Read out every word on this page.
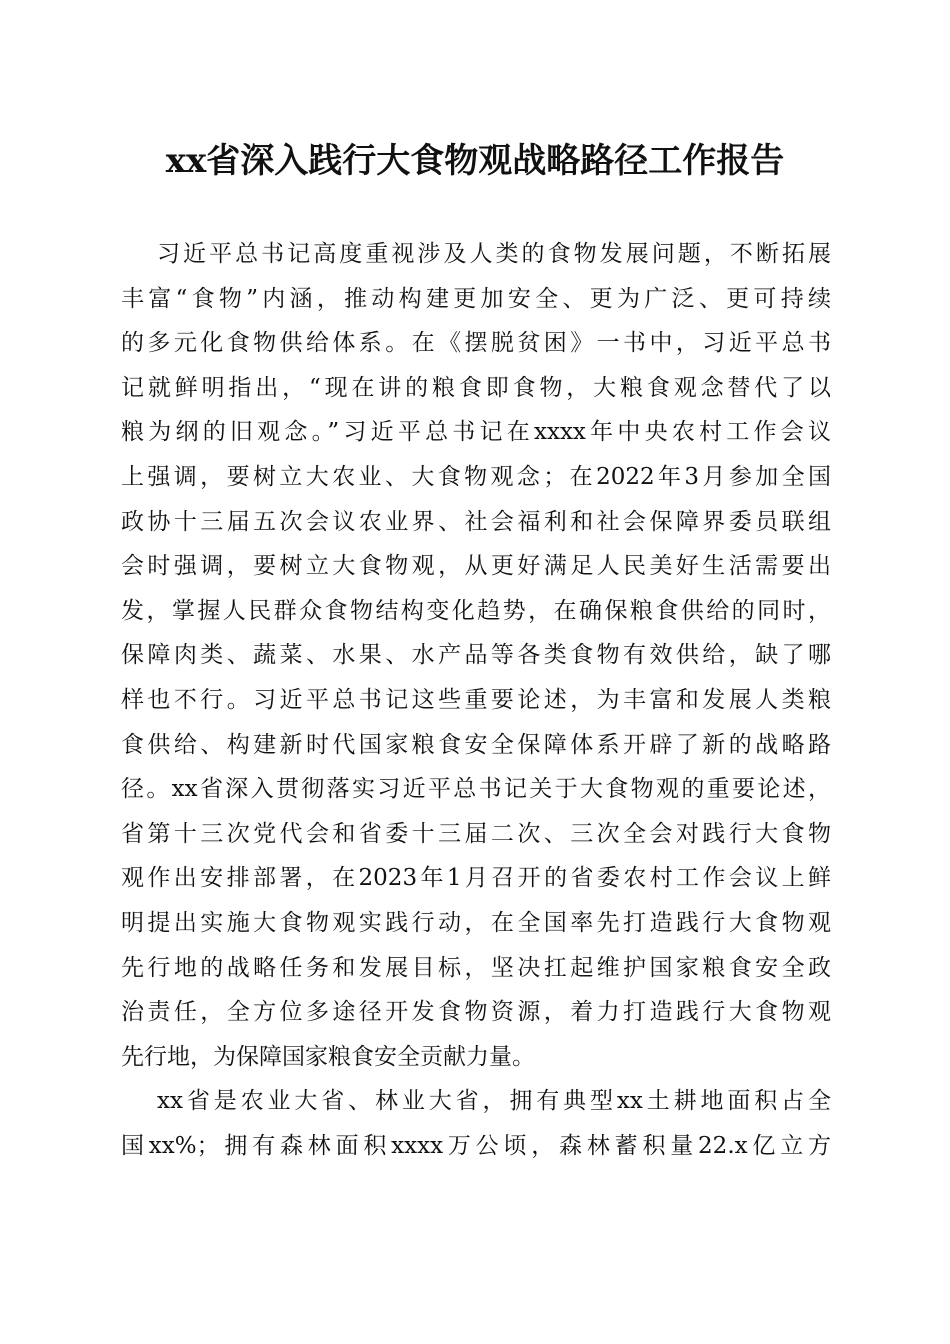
xx省深入践行大食物观战略路径工作报告
习近平总书记高度重视涉及人类的食物发展问题，不断拓展
丰富“食物”内涵，推动构建更加安全、更为广泛、更可持续
的多元化食物供给体系。在《摆脱贫困》一书中，习近平总书
记就鲜明指出，“现在讲的粮食即食物，大粮食观念替代了以
粮为纲的旧观念。”习近平总书记在xxxx年中央农村工作会议
上强调，要树立大农业、大食物观念；在2022年3月参加全国
政协十三届五次会议农业界、社会福利和社会保障界委员联组
会时强调，要树立大食物观，从更好满足人民美好生活需要出
发，掌握人民群众食物结构变化趋势，在确保粮食供给的同时，
保障肉类、蔬菜、水果、水产品等各类食物有效供给，缺了哪
样也不行。习近平总书记这些重要论述，为丰富和发展人类粮
食供给、构建新时代国家粮食安全保障体系开辟了新的战略路
径。xx省深入贯彻落实习近平总书记关于大食物观的重要论述，
省第十三次党代会和省委十三届二次、三次全会对践行大食物
观作出安排部署，在2023年1月召开的省委农村工作会议上鲜
明提出实施大食物观实践行动，在全国率先打造践行大食物观
先行地的战略任务和发展目标，坚决扛起维护国家粮食安全政
治责任，全方位多途径开发食物资源，着力打造践行大食物观
先行地，为保障国家粮食安全贡献力量。
xx省是农业大省、林业大省，拥有典型xx土耕地面积占全
国xx%；拥有森林面积xxxx万公顷，森林蓄积量22.x亿立方
